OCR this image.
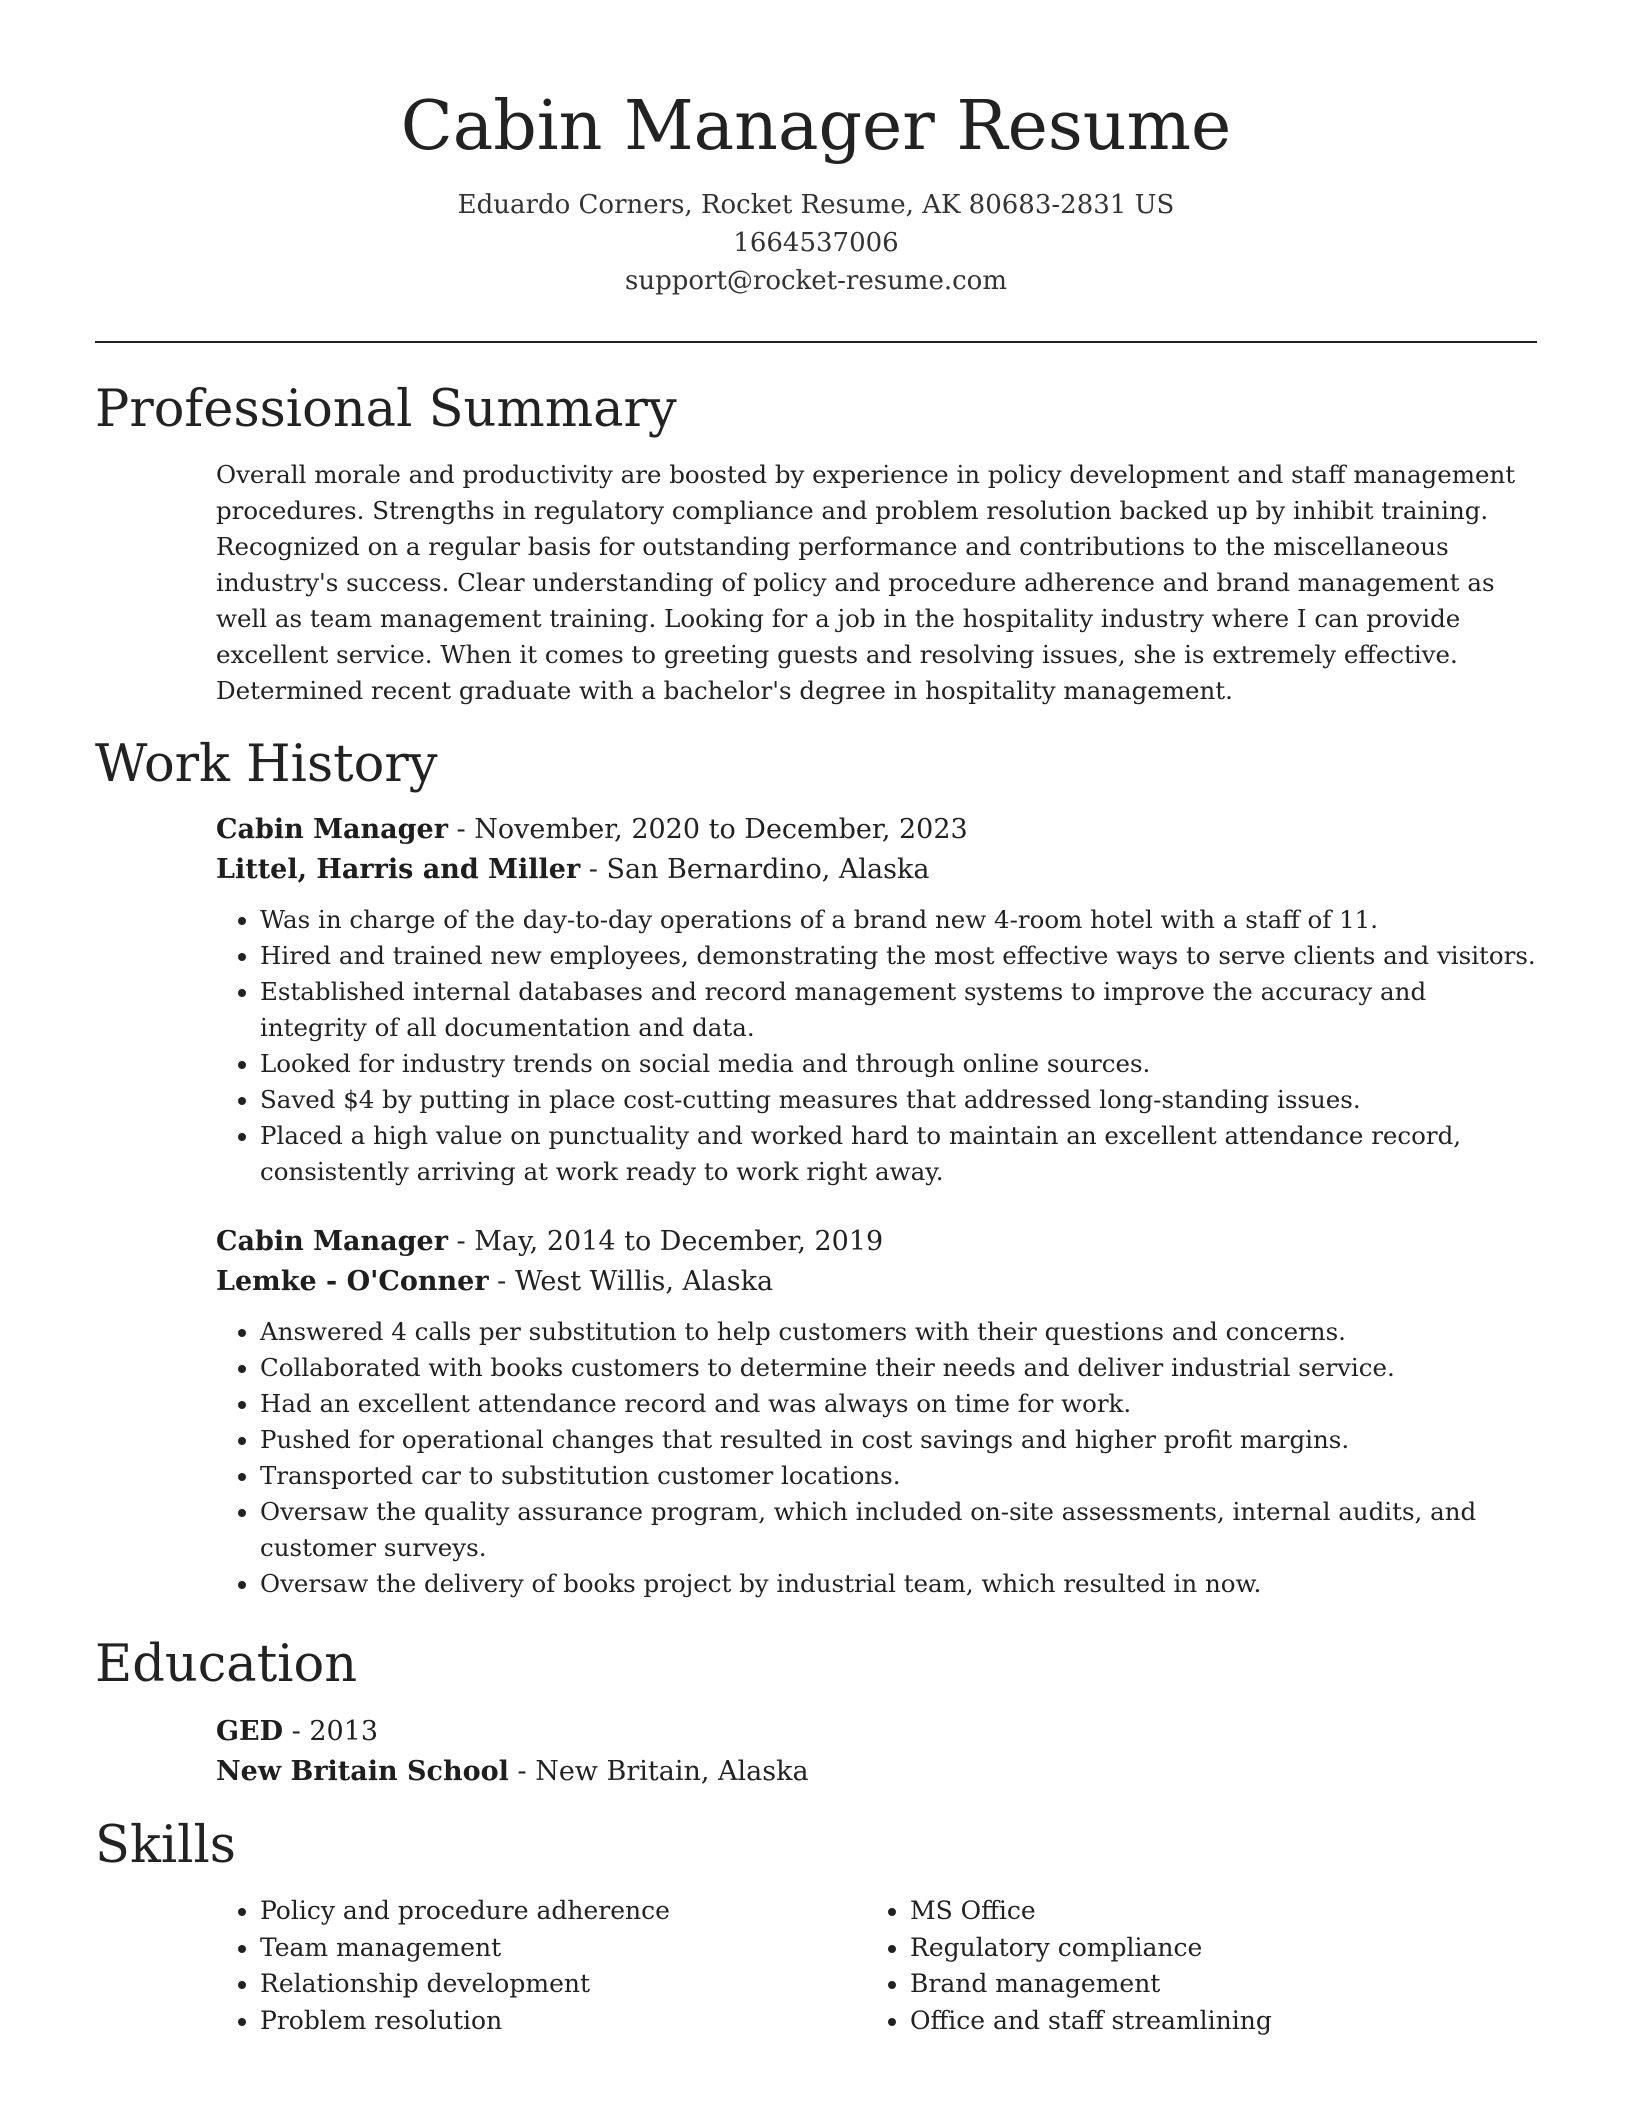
Cabin Manager Resume
Eduardo Corners, Rocket Resume, AK 80683-2831 US
1664537006
support@rocket-resume.com
Professional Summary

Overall morale and productivity are boosted by experience in policy development and staff management procedures. Strengths in regulatory compliance and problem resolution backed up by inhibit training. Recognized on a regular basis for outstanding performance and contributions to the miscellaneous industry's success. Clear understanding of policy and procedure adherence and brand management as well as team management training. Looking for a job in the hospitality industry where I can provide excellent service. When it comes to greeting guests and resolving issues, she is extremely effective. Determined recent graduate with a bachelor's degree in hospitality management.

Work History
Cabin Manager - November, 2020 to December, 2023
Littel, Harris and Miller - San Bernardino, Alaska
• Was in charge of the day-to-day operations of a brand new 4-room hotel with a staff of 11.
• Hired and trained new employees, demonstrating the most effective ways to serve clients and visitors.
• Established internal databases and record management systems to improve the accuracy and integrity of all documentation and data.
• Looked for industry trends on social media and through online sources.
• Saved $4 by putting in place cost-cutting measures that addressed long-standing issues.
• Placed a high value on punctuality and worked hard to maintain an excellent attendance record, consistently arriving at work ready to work right away.
Cabin Manager - May, 2014 to December, 2019
Lemke - O'Conner - West Willis, Alaska
• Answered 4 calls per substitution to help customers with their questions and concerns.
• Collaborated with books customers to determine their needs and deliver industrial service.
• Had an excellent attendance record and was always on time for work.
• Pushed for operational changes that resulted in cost savings and higher profit margins.
• Transported car to substitution customer locations.
• Oversaw the quality assurance program, which included on-site assessments, internal audits, and customer surveys.
• Oversaw the delivery of books project by industrial team, which resulted in now.
Education
GED - 2013
New Britain School - New Britain, Alaska
Skills
• Policy and procedure adherence
• Team management
• Relationship development
• Problem resolution
• MS Office
• Regulatory compliance
• Brand management
• Office and staff streamlining
